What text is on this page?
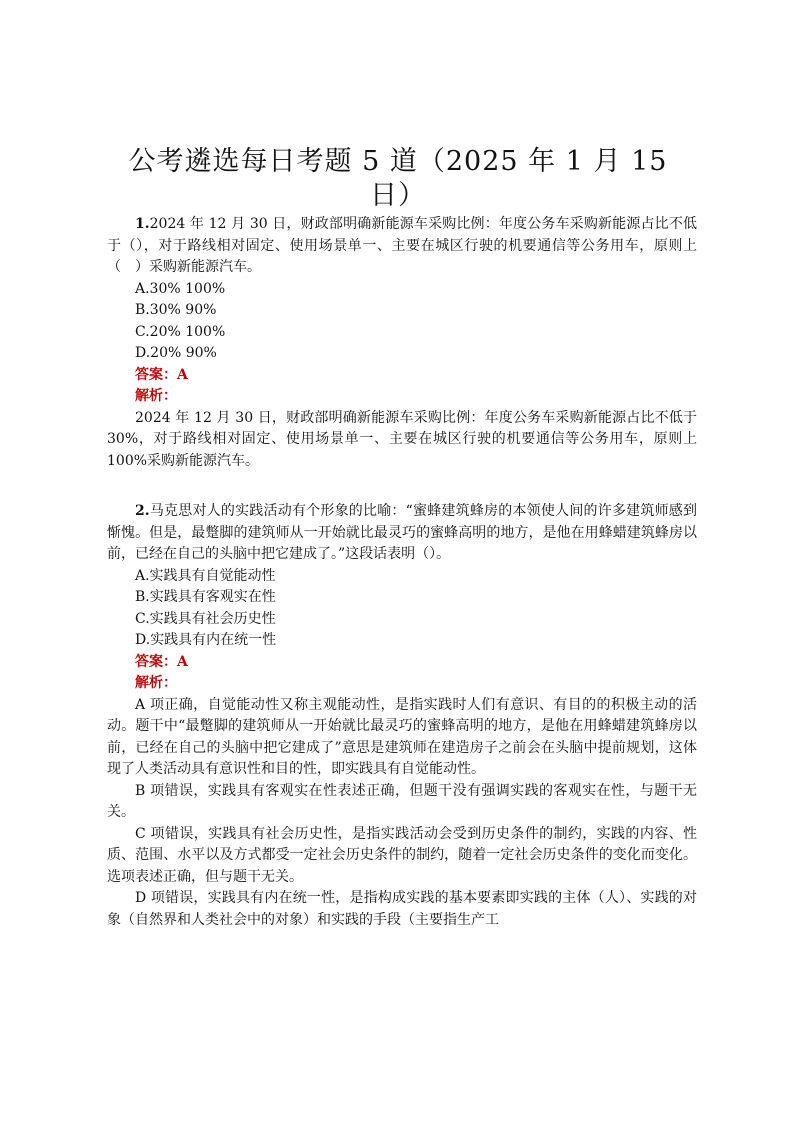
公考遴选每日考题 5 道（2025 年 1 月 15 日）

1.2024 年 12 月 30 日，财政部明确新能源车采购比例：年度公务车采购新能源占比不低于（），对于路线相对固定、使用场景单一、主要在城区行驶的机要通信等公务用车，原则上（　）采购新能源汽车。

A.30% 100%

B.30% 90%

C.20% 100%

D.20% 90%

答案：A

解析：

2024 年 12 月 30 日，财政部明确新能源车采购比例：年度公务车采购新能源占比不低于 30%，对于路线相对固定、使用场景单一、主要在城区行驶的机要通信等公务用车，原则上 100%采购新能源汽车。

2.马克思对人的实践活动有个形象的比喻：“蜜蜂建筑蜂房的本领使人间的许多建筑师感到惭愧。但是，最蹩脚的建筑师从一开始就比最灵巧的蜜蜂高明的地方，是他在用蜂蜡建筑蜂房以前，已经在自己的头脑中把它建成了。”这段话表明（）。

A.实践具有自觉能动性

B.实践具有客观实在性

C.实践具有社会历史性

D.实践具有内在统一性

答案：A

解析：

A 项正确，自觉能动性又称主观能动性，是指实践时人们有意识、有目的的积极主动的活动。题干中“最蹩脚的建筑师从一开始就比最灵巧的蜜蜂高明的地方，是他在用蜂蜡建筑蜂房以前，已经在自己的头脑中把它建成了”意思是建筑师在建造房子之前会在头脑中提前规划，这体现了人类活动具有意识性和目的性，即实践具有自觉能动性。

B 项错误，实践具有客观实在性表述正确，但题干没有强调实践的客观实在性，与题干无关。

C 项错误，实践具有社会历史性，是指实践活动会受到历史条件的制约，实践的内容、性质、范围、水平以及方式都受一定社会历史条件的制约，随着一定社会历史条件的变化而变化。选项表述正确，但与题干无关。

D 项错误，实践具有内在统一性，是指构成实践的基本要素即实践的主体（人）、实践的对象（自然界和人类社会中的对象）和实践的手段（主要指生产工
